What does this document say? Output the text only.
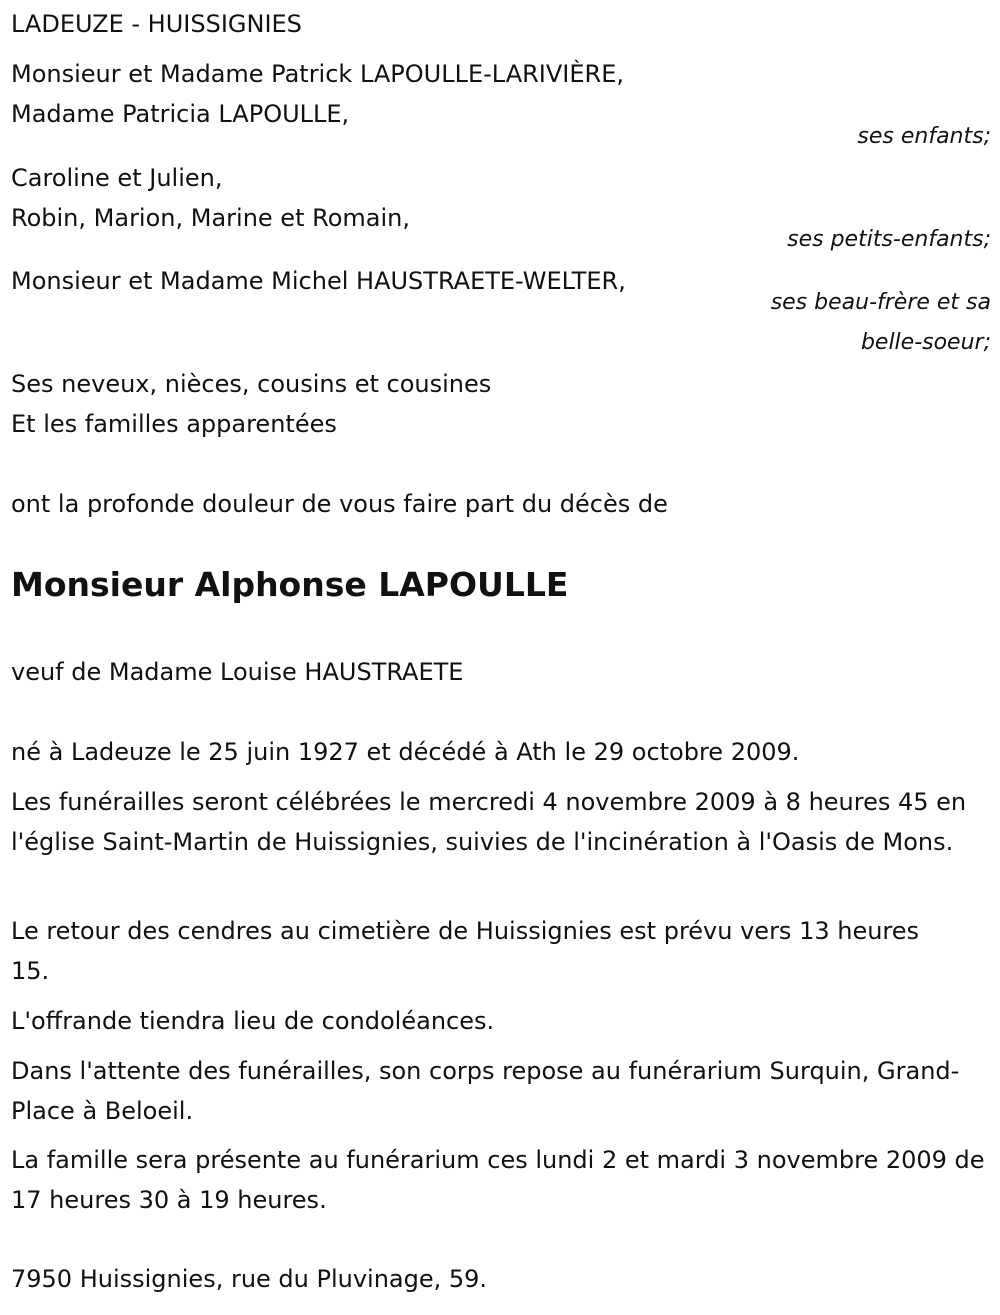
LADEUZE - HUISSIGNIES
Monsieur et Madame Patrick LAPOULLE-LARIVIÈRE,
Madame Patricia LAPOULLE,
ses enfants;
Caroline et Julien,
Robin, Marion, Marine et Romain,
ses petits-enfants;
Monsieur et Madame Michel HAUSTRAETE-WELTER,
ses beau-frère et sa
belle-soeur;
Ses neveux, nièces, cousins et cousines
Et les familles apparentées
ont la profonde douleur de vous faire part du décès de
Monsieur Alphonse LAPOULLE
veuf de Madame Louise HAUSTRAETE
né à Ladeuze le 25 juin 1927 et décédé à Ath le 29 octobre 2009.
Les funérailles seront célébrées le mercredi 4 novembre 2009 à 8 heures 45 en l'église Saint-Martin de Huissignies, suivies de l'incinération à l'Oasis de Mons.
Le retour des cendres au cimetière de Huissignies est prévu vers 13 heures 15.
L'offrande tiendra lieu de condoléances.
Dans l'attente des funérailles, son corps repose au funérarium Surquin, Grand-Place à Beloeil.
La famille sera présente au funérarium ces lundi 2 et mardi 3 novembre 2009 de 17 heures 30 à 19 heures.
7950 Huissignies, rue du Pluvinage, 59.
